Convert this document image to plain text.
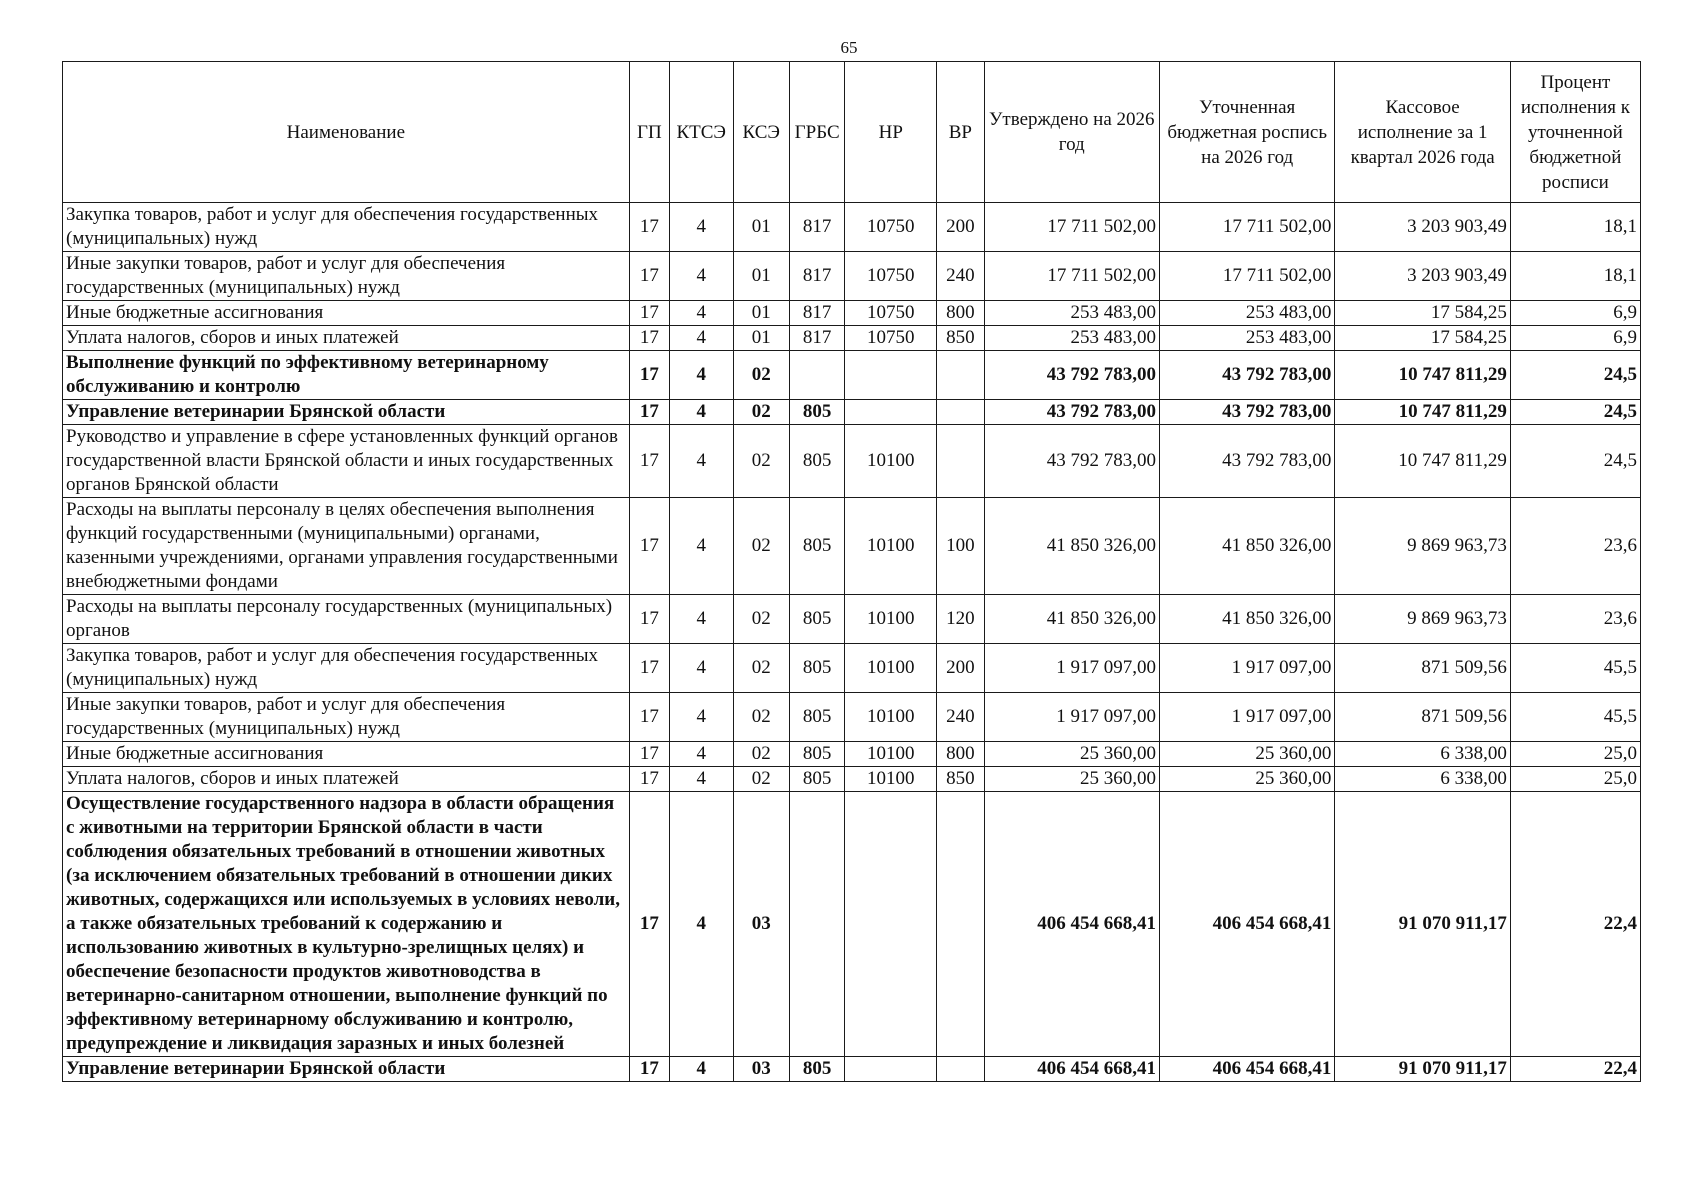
65
Наименование	ГП	КТСЭ	КСЭ	ГРБС	НР	ВР	Утверждено на 2026 год	Уточненная бюджетная роспись на 2026 год	Кассовое исполнение за 1 квартал 2026 года	Процент исполнения к уточненной бюджетной росписи
Закупка товаров, работ и услуг для обеспечения государственных (муниципальных) нужд	17	4	01	817	10750	200	17 711 502,00	17 711 502,00	3 203 903,49	18,1
Иные закупки товаров, работ и услуг для обеспечения государственных (муниципальных) нужд	17	4	01	817	10750	240	17 711 502,00	17 711 502,00	3 203 903,49	18,1
Иные бюджетные ассигнования	17	4	01	817	10750	800	253 483,00	253 483,00	17 584,25	6,9
Уплата налогов, сборов и иных платежей	17	4	01	817	10750	850	253 483,00	253 483,00	17 584,25	6,9
Выполнение функций по эффективному ветеринарному обслуживанию и контролю	17	4	02				43 792 783,00	43 792 783,00	10 747 811,29	24,5
Управление ветеринарии Брянской области	17	4	02	805			43 792 783,00	43 792 783,00	10 747 811,29	24,5
Руководство и управление в сфере установленных функций органов государственной власти Брянской области и иных государственных органов Брянской области	17	4	02	805	10100		43 792 783,00	43 792 783,00	10 747 811,29	24,5
Расходы на выплаты персоналу в целях обеспечения выполнения функций государственными (муниципальными) органами, казенными учреждениями, органами управления государственными внебюджетными фондами	17	4	02	805	10100	100	41 850 326,00	41 850 326,00	9 869 963,73	23,6
Расходы на выплаты персоналу государственных (муниципальных) органов	17	4	02	805	10100	120	41 850 326,00	41 850 326,00	9 869 963,73	23,6
Закупка товаров, работ и услуг для обеспечения государственных (муниципальных) нужд	17	4	02	805	10100	200	1 917 097,00	1 917 097,00	871 509,56	45,5
Иные закупки товаров, работ и услуг для обеспечения государственных (муниципальных) нужд	17	4	02	805	10100	240	1 917 097,00	1 917 097,00	871 509,56	45,5
Иные бюджетные ассигнования	17	4	02	805	10100	800	25 360,00	25 360,00	6 338,00	25,0
Уплата налогов, сборов и иных платежей	17	4	02	805	10100	850	25 360,00	25 360,00	6 338,00	25,0
Осуществление государственного надзора в области обращения с животными на территории Брянской области в части соблюдения обязательных требований в отношении животных (за исключением обязательных требований в отношении диких животных, содержащихся или используемых в условиях неволи, а также обязательных требований к содержанию и использованию животных в культурно-зрелищных целях) и обеспечение безопасности продуктов животноводства в ветеринарно-санитарном отношении, выполнение функций по эффективному ветеринарному обслуживанию и контролю, предупреждение и ликвидация заразных и иных болезней	17	4	03				406 454 668,41	406 454 668,41	91 070 911,17	22,4
Управление ветеринарии Брянской области	17	4	03	805			406 454 668,41	406 454 668,41	91 070 911,17	22,4
